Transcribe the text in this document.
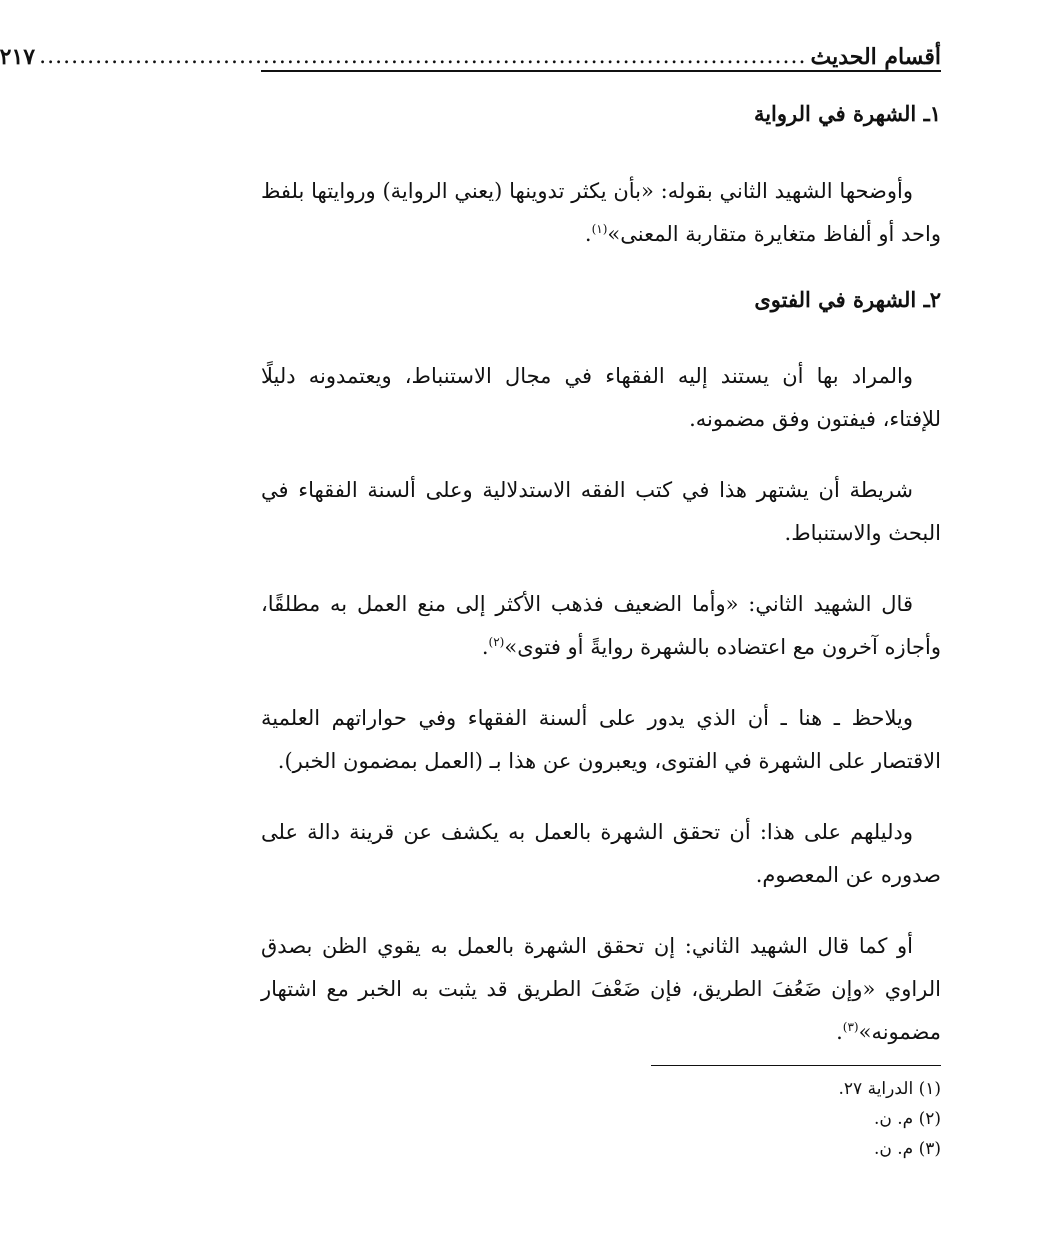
أقسام الحديث
................................................................................................
٢١٧
١ـ الشهرة في الرواية

وأوضحها الشهيد الثاني بقوله: «بأن يكثر تدوينها (يعني الرواية) وروايتها بلفظ واحد أو ألفاظ متغايرة متقاربة المعنى»$^{(١)}$.

٢ـ الشهرة في الفتوى

والمراد بها أن يستند إليه الفقهاء في مجال الاستنباط، ويعتمدونه دليلًا للإفتاء، فيفتون وفق مضمونه.

شريطة أن يشتهر هذا في كتب الفقه الاستدلالية وعلى ألسنة الفقهاء في البحث والاستنباط.

قال الشهيد الثاني: «وأما الضعيف فذهب الأكثر إلى منع العمل به مطلقًا، وأجازه آخرون مع اعتضاده بالشهرة روايةً أو فتوى»$^{(٢)}$.

ويلاحظ ـ هنا ـ أن الذي يدور على ألسنة الفقهاء وفي حواراتهم العلمية الاقتصار على الشهرة في الفتوى، ويعبرون عن هذا بـ (العمل بمضمون الخبر).

ودليلهم على هذا: أن تحقق الشهرة بالعمل به يكشف عن قرينة دالة على صدوره عن المعصوم.

أو كما قال الشهيد الثاني: إن تحقق الشهرة بالعمل به يقوي الظن بصدق الراوي «وإن ضَعُفَ الطريق، فإن ضَعْفَ الطريق قد يثبت به الخبر مع اشتهار مضمونه»$^{(٣)}$.

(١) الدراية ٢٧.

(٢) م. ن.

(٣) م. ن.
